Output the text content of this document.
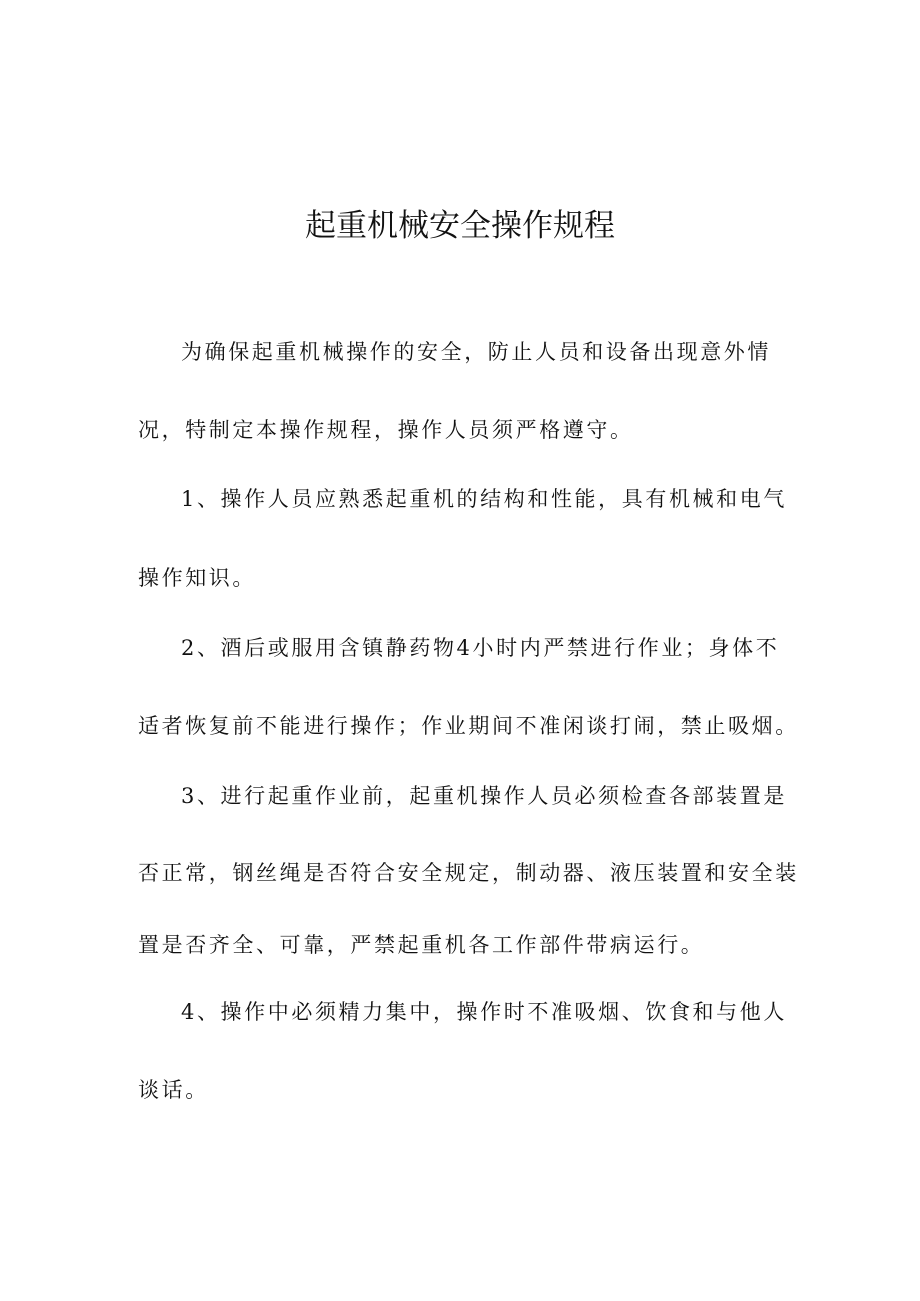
起重机械安全操作规程

为确保起重机械操作的安全，防止人员和设备出现意外情

况，特制定本操作规程，操作人员须严格遵守。

1、操作人员应熟悉起重机的结构和性能，具有机械和电气

操作知识。

2、酒后或服用含镇静药物4小时内严禁进行作业；身体不

适者恢复前不能进行操作；作业期间不准闲谈打闹，禁止吸烟。

3、进行起重作业前，起重机操作人员必须检查各部装置是

否正常，钢丝绳是否符合安全规定，制动器、液压装置和安全装

置是否齐全、可靠，严禁起重机各工作部件带病运行。

4、操作中必须精力集中，操作时不准吸烟、饮食和与他人

谈话。
